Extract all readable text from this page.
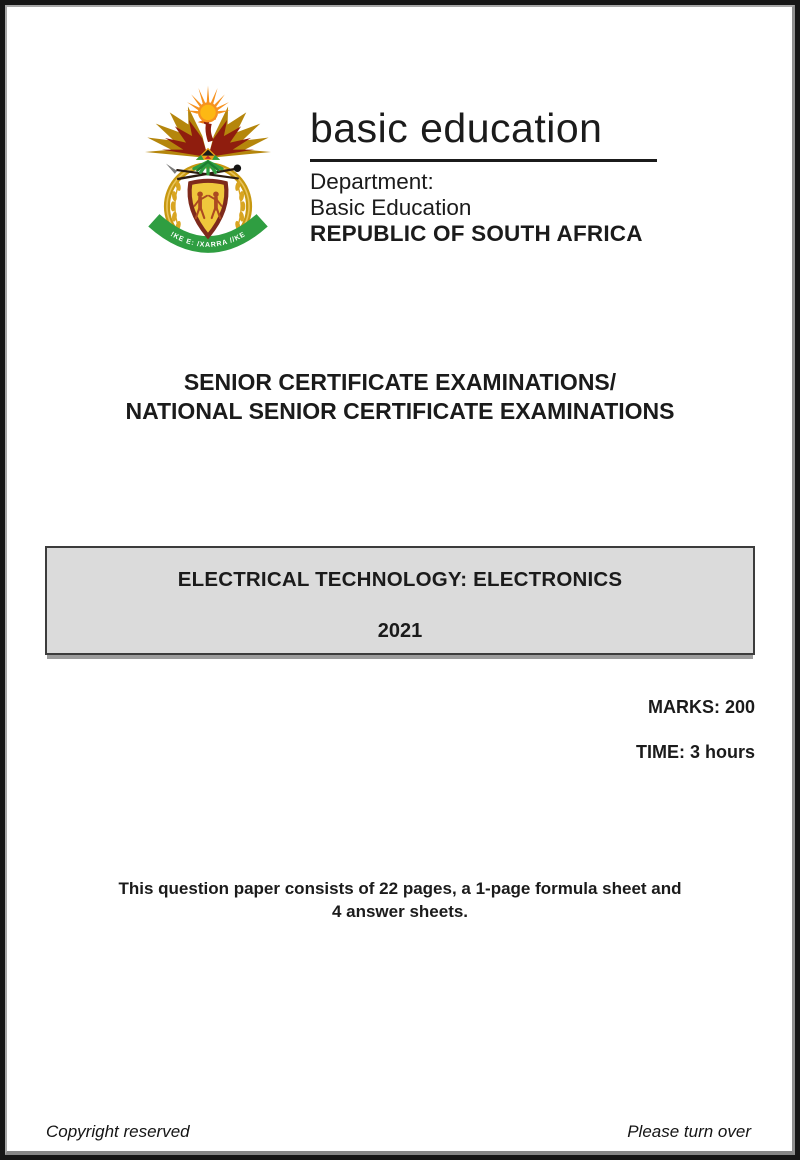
!KE E: /XARRA //KE
basic education
Department:
Basic Education
REPUBLIC OF SOUTH AFRICA
SENIOR CERTIFICATE EXAMINATIONS/
NATIONAL SENIOR CERTIFICATE EXAMINATIONS
ELECTRICAL TECHNOLOGY: ELECTRONICS
2021
MARKS: 200
TIME: 3 hours
This question paper consists of 22 pages, a 1-page formula sheet and
4 answer sheets.
Copyright reserved	Please turn over
